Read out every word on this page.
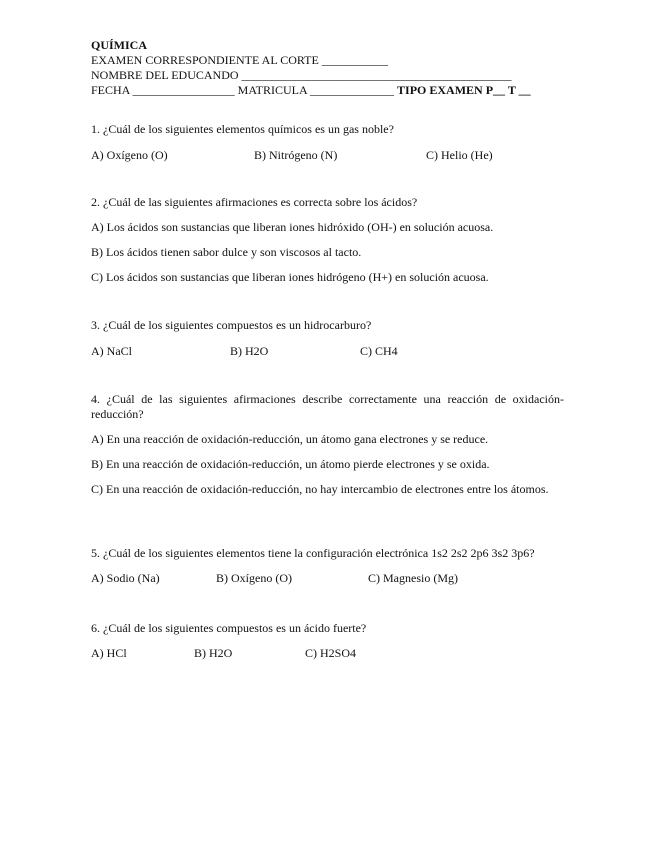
QUÍMICA
EXAMEN CORRESPONDIENTE AL CORTE ___________
NOMBRE DEL EDUCANDO _____________________________________________
FECHA _________________ MATRICULA ______________ TIPO EXAMEN P__ T __
1. ¿Cuál de los siguientes elementos químicos es un gas noble?
A) Oxígeno (O)	B) Nitrógeno (N)	C) Helio (He)
2. ¿Cuál de las siguientes afirmaciones es correcta sobre los ácidos?
A) Los ácidos son sustancias que liberan iones hidróxido (OH-) en solución acuosa.
B) Los ácidos tienen sabor dulce y son viscosos al tacto.
C) Los ácidos son sustancias que liberan iones hidrógeno (H+) en solución acuosa.
3. ¿Cuál de los siguientes compuestos es un hidrocarburo?
A) NaCl	B) H2O	C) CH4
4. ¿Cuál de las siguientes afirmaciones describe correctamente una reacción de oxidación-reducción?
A) En una reacción de oxidación-reducción, un átomo gana electrones y se reduce.
B) En una reacción de oxidación-reducción, un átomo pierde electrones y se oxida.
C) En una reacción de oxidación-reducción, no hay intercambio de electrones entre los átomos.
5. ¿Cuál de los siguientes elementos tiene la configuración electrónica 1s2 2s2 2p6 3s2 3p6?
A) Sodio (Na)	B) Oxígeno (O)	C) Magnesio (Mg)
6. ¿Cuál de los siguientes compuestos es un ácido fuerte?
A) HCl	B) H2O	C) H2SO4
